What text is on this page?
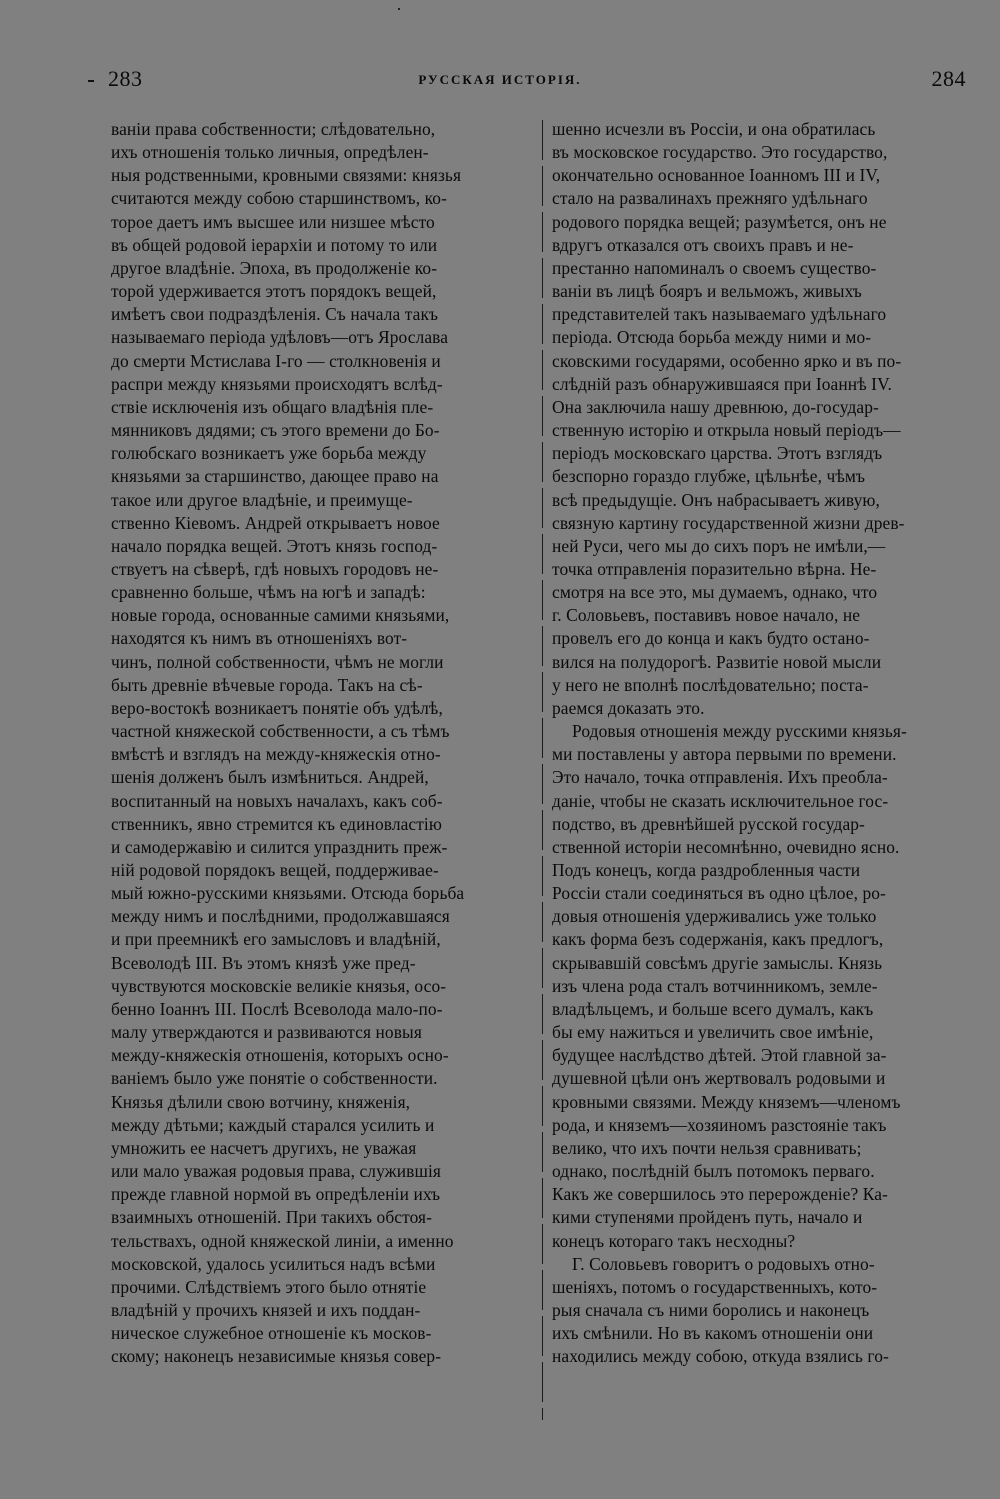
283	РУССКАЯ ИСТОРІЯ.	284

ваніи права собственности; слѣдовательно,
ихъ отношенія только личныя, опредѣлен-
ныя родственными, кровными связями: князья
считаются между собою старшинствомъ, ко-
торое даетъ имъ высшее или низшее мѣсто
въ общей родовой іерархіи и потому то или
другое владѣніе. Эпоха, въ продолженіе ко-
торой удерживается этотъ порядокъ вещей,
имѣетъ свои подраздѣленія. Съ начала такъ
называемаго періода удѣловъ—отъ Ярослава
до смерти Мстислава І-го — столкновенія и
распри между князьями происходятъ вслѣд-
ствіе исключенія изъ общаго владѣнія пле-
мянниковъ дядями; съ этого времени до Бо-
голюбскаго возникаетъ уже борьба между
князьями за старшинство, дающее право на
такое или другое владѣніе, и преимуще-
ственно Кіевомъ. Андрей открываетъ новое
начало порядка вещей. Этотъ князь господ-
ствуетъ на сѣверѣ, гдѣ новыхъ городовъ не-
сравненно больше, чѣмъ на югѣ и западѣ:
новые города, основанные самими князьями,
находятся къ нимъ въ отношеніяхъ вот-
чинъ, полной собственности, чѣмъ не могли
быть древніе вѣчевые города. Такъ на сѣ-
веро-востокѣ возникаетъ понятіе объ удѣлѣ,
частной княжеской собственности, а съ тѣмъ
вмѣстѣ и взглядъ на между-княжескія отно-
шенія долженъ былъ измѣниться. Андрей,
воспитанный на новыхъ началахъ, какъ соб-
ственникъ, явно стремится къ единовластію
и самодержавію и силится упразднить преж-
ній родовой порядокъ вещей, поддерживае-
мый южно-русскими князьями. Отсюда борьба
между нимъ и послѣдними, продолжавшаяся
и при преемникѣ его замысловъ и владѣній,
Всеволодѣ III. Въ этомъ князѣ уже пред-
чувствуются московскіе великіе князья, осо-
бенно Іоаннъ III. Послѣ Всеволода мало-по-
малу утверждаются и развиваются новыя
между-княжескія отношенія, которыхъ осно-
ваніемъ было уже понятіе о собственности.
Князья дѣлили свою вотчину, княженія,
между дѣтьми; каждый старался усилить и
умножить ее насчетъ другихъ, не уважая
или мало уважая родовыя права, служившія
прежде главной нормой въ опредѣленіи ихъ
взаимныхъ отношеній. При такихъ обстоя-
тельствахъ, одной княжеской линіи, а именно
московской, удалось усилиться надъ всѣми
прочими. Слѣдствіемъ этого было отнятіе
владѣній у прочихъ князей и ихъ поддан-
ническое служебное отношеніе къ москов-
скому; наконецъ независимые князья совер-

шенно исчезли въ Россіи, и она обратилась
въ московское государство. Это государство,
окончательно основанное Іоанномъ III и IV,
стало на развалинахъ прежняго удѣльнаго
родового порядка вещей; разумѣется, онъ не
вдругъ отказался отъ своихъ правъ и не-
престанно напоминалъ о своемъ существо-
ваніи въ лицѣ бояръ и вельможъ, живыхъ
представителей такъ называемаго удѣльнаго
періода. Отсюда борьба между ними и мо-
сковскими государями, особенно ярко и въ по-
слѣдній разъ обнаружившаяся при Іоаннѣ IV.
Она заключила нашу древнюю, до-государ-
ственную исторію и открыла новый періодъ—
періодъ московскаго царства. Этотъ взглядъ
безспорно гораздо глубже, цѣльнѣе, чѣмъ
всѣ предыдущіе. Онъ набрасываетъ живую,
связную картину государственной жизни древ-
ней Руси, чего мы до сихъ поръ не имѣли,—
точка отправленія поразительно вѣрна. Не-
смотря на все это, мы думаемъ, однако, что
г. Соловьевъ, поставивъ новое начало, не
провелъ его до конца и какъ будто остано-
вился на полудорогѣ. Развитіе новой мысли
у него не вполнѣ послѣдовательно; поста-
раемся доказать это.

Родовыя отношенія между русскими князья-
ми поставлены у автора первыми по времени.
Это начало, точка отправленія. Ихъ преобла-
даніе, чтобы не сказать исключительное гос-
подство, въ древнѣйшей русской государ-
ственной исторіи несомнѣнно, очевидно ясно.
Подъ конецъ, когда раздробленныя части
Россіи стали соединяться въ одно цѣлое, ро-
довыя отношенія удерживались уже только
какъ форма безъ содержанія, какъ предлогъ,
скрывавшій совсѣмъ другіе замыслы. Князь
изъ члена рода сталъ вотчинникомъ, земле-
владѣльцемъ, и больше всего думалъ, какъ
бы ему нажиться и увеличить свое имѣніе,
будущее наслѣдство дѣтей. Этой главной за-
душевной цѣли онъ жертвовалъ родовыми и
кровными связями. Между княземъ—членомъ
рода, и княземъ—хозяиномъ разстояніе такъ
велико, что ихъ почти нельзя сравнивать;
однако, послѣдній былъ потомокъ перваго.
Какъ же совершилось это перерожденіе? Ка-
кими ступенями пройденъ путь, начало и
конецъ котораго такъ несходны?

Г. Соловьевъ говоритъ о родовыхъ отно-
шеніяхъ, потомъ о государственныхъ, кото-
рыя сначала съ ними боролись и наконецъ
ихъ смѣнили. Но въ какомъ отношеніи они
находились между собою, откуда взялись го-
